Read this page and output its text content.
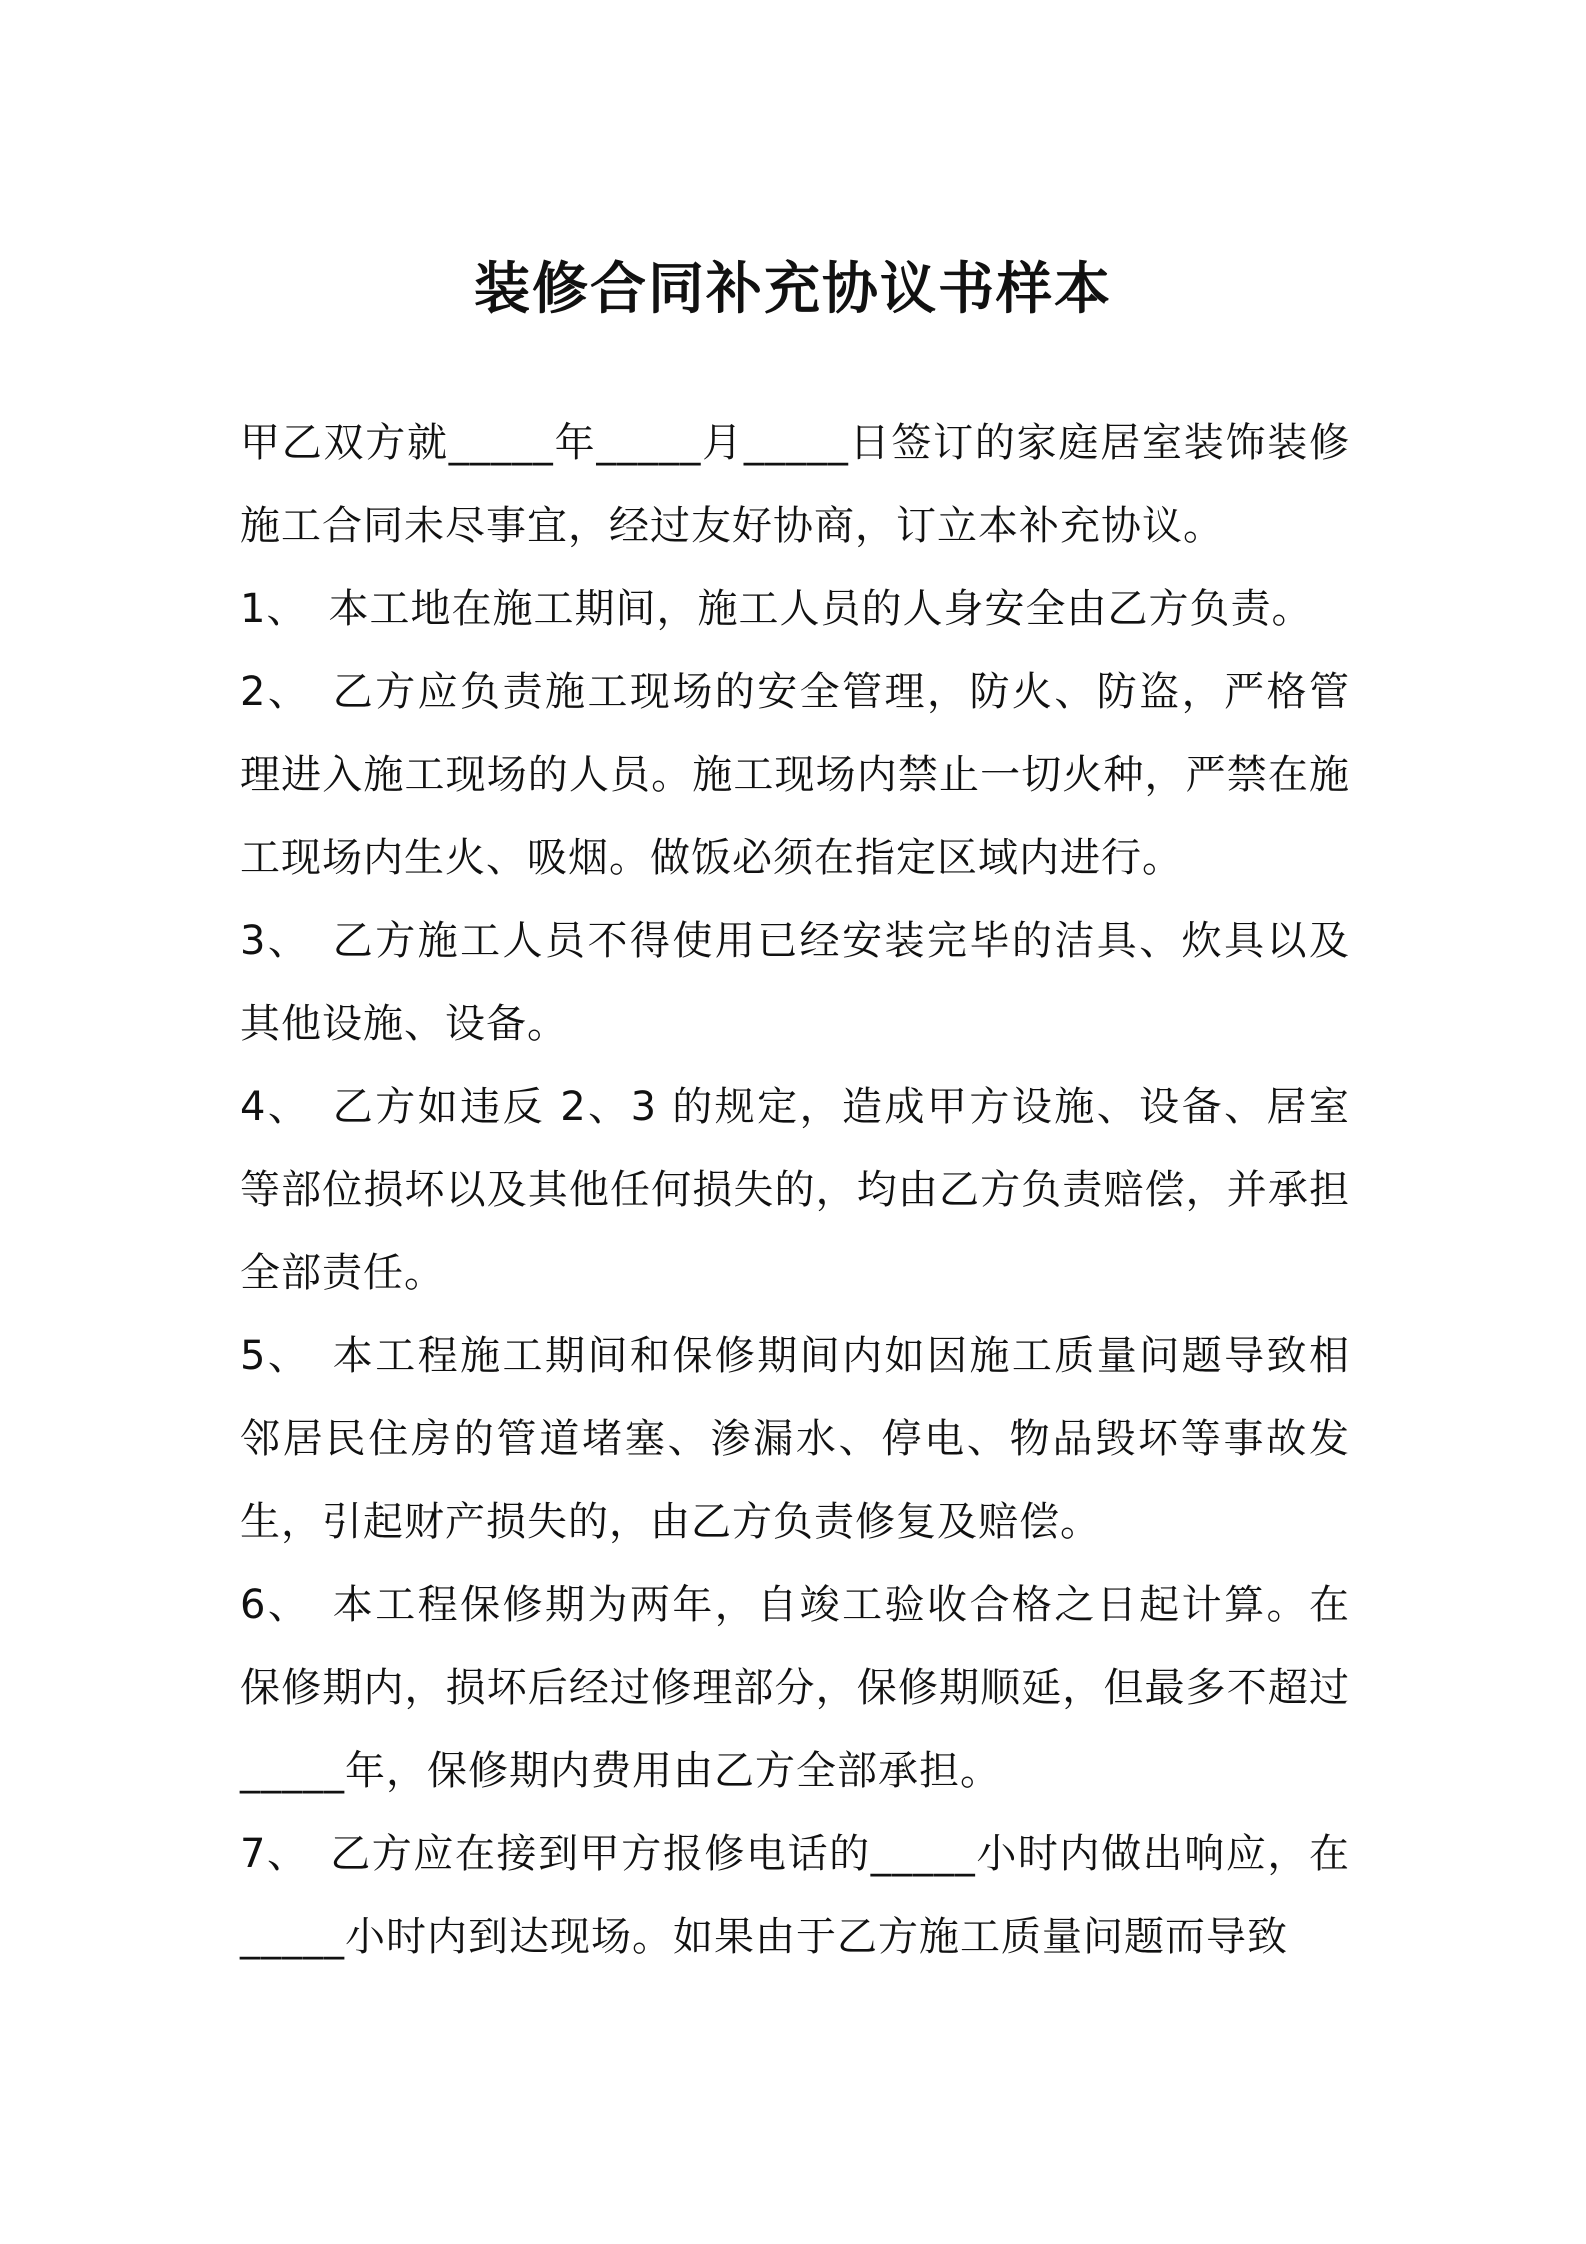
装修合同补充协议书样本

甲乙双方就_____年_____月_____日签订的家庭居室装饰装修施工合同未尽事宜，经过友好协商，订立本补充协议。

1、　本工地在施工期间，施工人员的人身安全由乙方负责。

2、　乙方应负责施工现场的安全管理，防火、防盗，严格管理进入施工现场的人员。施工现场内禁止一切火种，严禁在施工现场内生火、吸烟。做饭必须在指定区域内进行。

3、　乙方施工人员不得使用已经安装完毕的洁具、炊具以及其他设施、设备。

4、　乙方如违反 2、3 的规定，造成甲方设施、设备、居室等部位损坏以及其他任何损失的，均由乙方负责赔偿，并承担全部责任。

5、　本工程施工期间和保修期间内如因施工质量问题导致相邻居民住房的管道堵塞、渗漏水、停电、物品毁坏等事故发生，引起财产损失的，由乙方负责修复及赔偿。

6、　本工程保修期为两年，自竣工验收合格之日起计算。在保修期内，损坏后经过修理部分，保修期顺延，但最多不超过_____年，保修期内费用由乙方全部承担。

7、　乙方应在接到甲方报修电话的_____小时内做出响应，在_____小时内到达现场。如果由于乙方施工质量问题而导致
